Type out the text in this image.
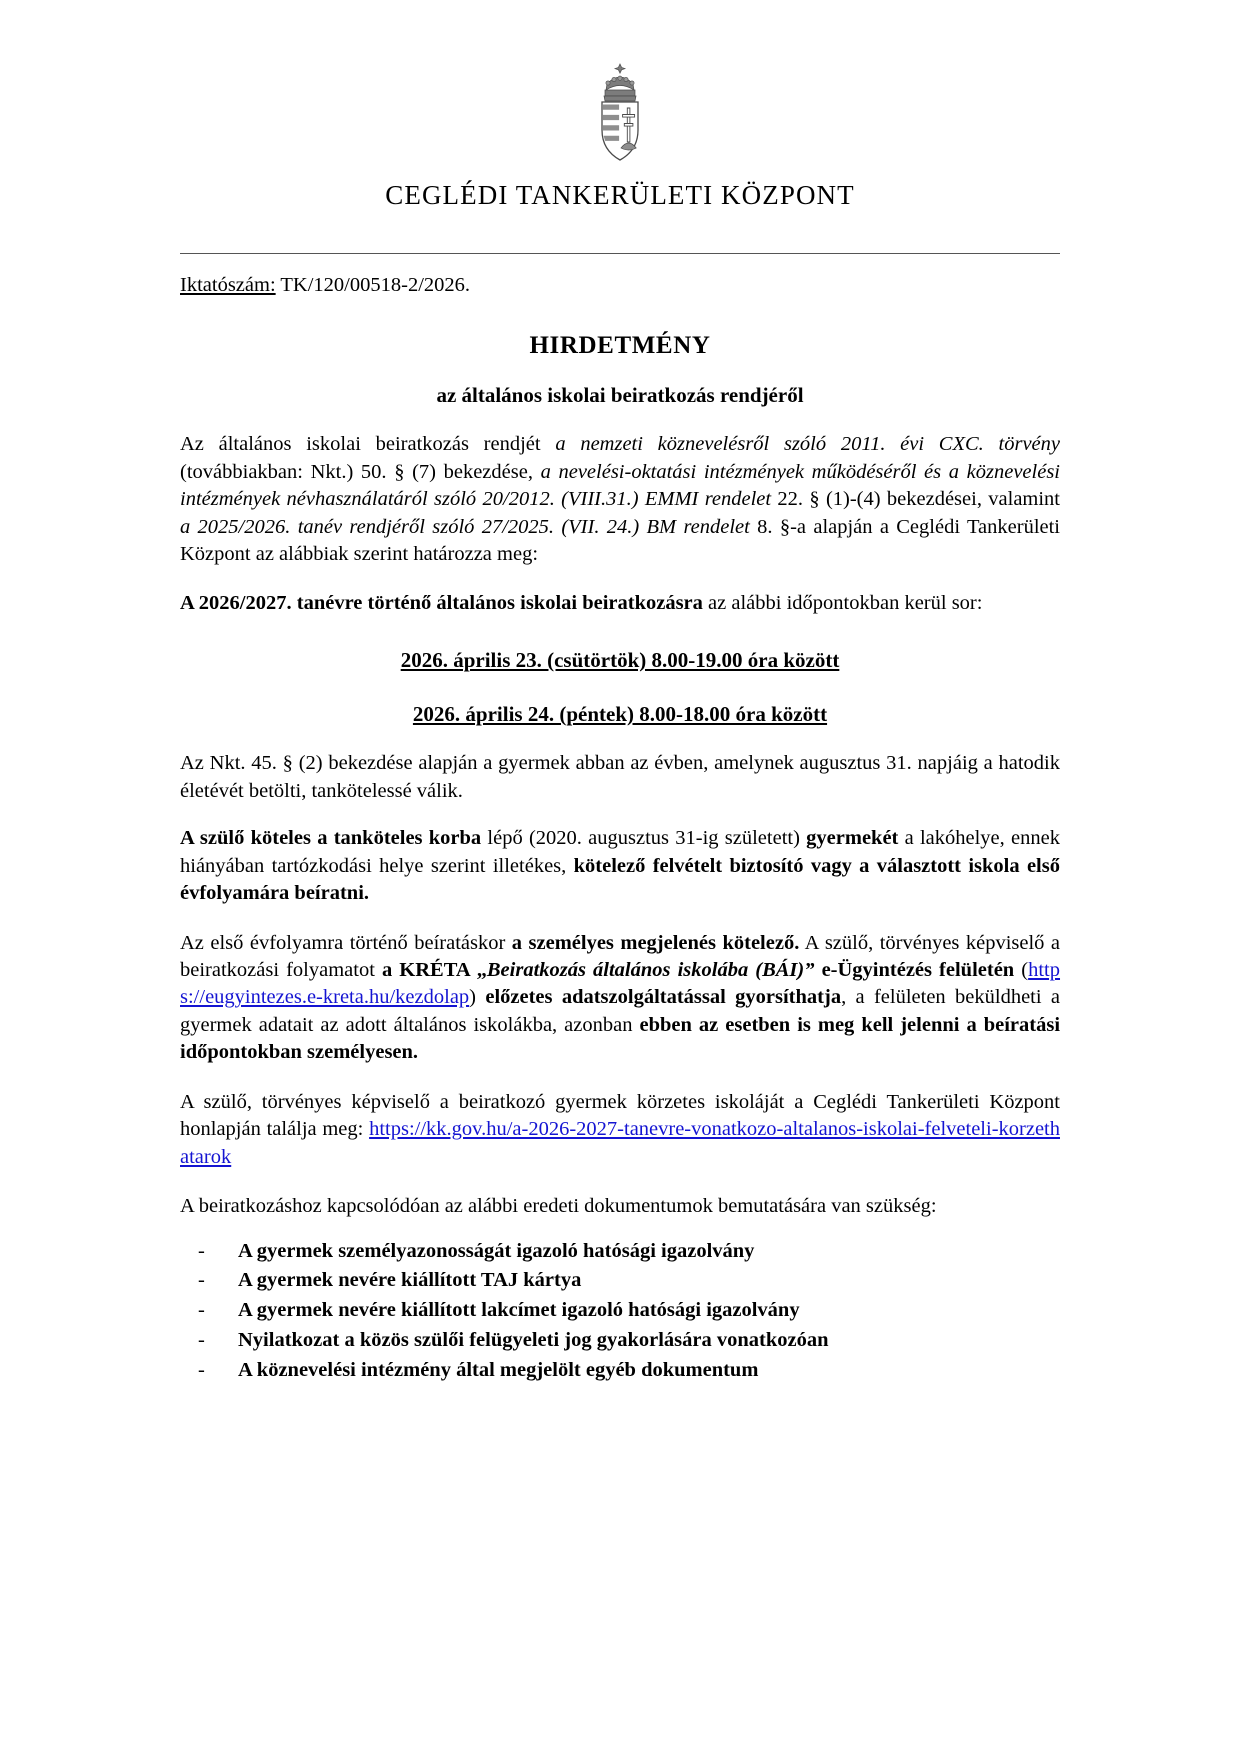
CEGLÉDI TANKERÜLETI KÖZPONT

Iktatószám: TK/120/00518-2/2026.

HIRDETMÉNY
az általános iskolai beiratkozás rendjéről

Az általános iskolai beiratkozás rendjét a nemzeti köznevelésről szóló 2011. évi CXC. törvény (továbbiakban: Nkt.) 50. § (7) bekezdése, a nevelési-oktatási intézmények működéséről és a köznevelési intézmények névhasználatáról szóló 20/2012. (VIII.31.) EMMI rendelet 22. § (1)-(4) bekezdései, valamint a 2025/2026. tanév rendjéről szóló 27/2025. (VII. 24.) BM rendelet 8. §-a alapján a Ceglédi Tankerületi Központ az alábbiak szerint határozza meg:

A 2026/2027. tanévre történő általános iskolai beiratkozásra az alábbi időpontokban kerül sor:

2026. április 23. (csütörtök) 8.00-19.00 óra között

2026. április 24. (péntek) 8.00-18.00 óra között

Az Nkt. 45. § (2) bekezdése alapján a gyermek abban az évben, amelynek augusztus 31. napjáig a hatodik életévét betölti, tankötelessé válik.

A szülő köteles a tanköteles korba lépő (2020. augusztus 31-ig született) gyermekét a lakóhelye, ennek hiányában tartózkodási helye szerint illetékes, kötelező felvételt biztosító vagy a választott iskola első évfolyamára beíratni.

Az első évfolyamra történő beíratáskor a személyes megjelenés kötelező. A szülő, törvényes képviselő a beiratkozási folyamatot a KRÉTA „Beiratkozás általános iskolába (BÁI)” e-Ügyintézés felületén (https://eugyintezes.e-kreta.hu/kezdolap) előzetes adatszolgáltatással gyorsíthatja, a felületen beküldheti a gyermek adatait az adott általános iskolákba, azonban ebben az esetben is meg kell jelenni a beíratási időpontokban személyesen.

A szülő, törvényes képviselő a beiratkozó gyermek körzetes iskoláját a Ceglédi Tankerületi Központ honlapján találja meg: https://kk.gov.hu/a-2026-2027-tanevre-vonatkozo-altalanos-iskolai-felveteli-korzethatarok

A beiratkozáshoz kapcsolódóan az alábbi eredeti dokumentumok bemutatására van szükség:

- A gyermek személyazonosságát igazoló hatósági igazolvány
- A gyermek nevére kiállított TAJ kártya
- A gyermek nevére kiállított lakcímet igazoló hatósági igazolvány
- Nyilatkozat a közös szülői felügyeleti jog gyakorlására vonatkozóan
- A köznevelési intézmény által megjelölt egyéb dokumentum
